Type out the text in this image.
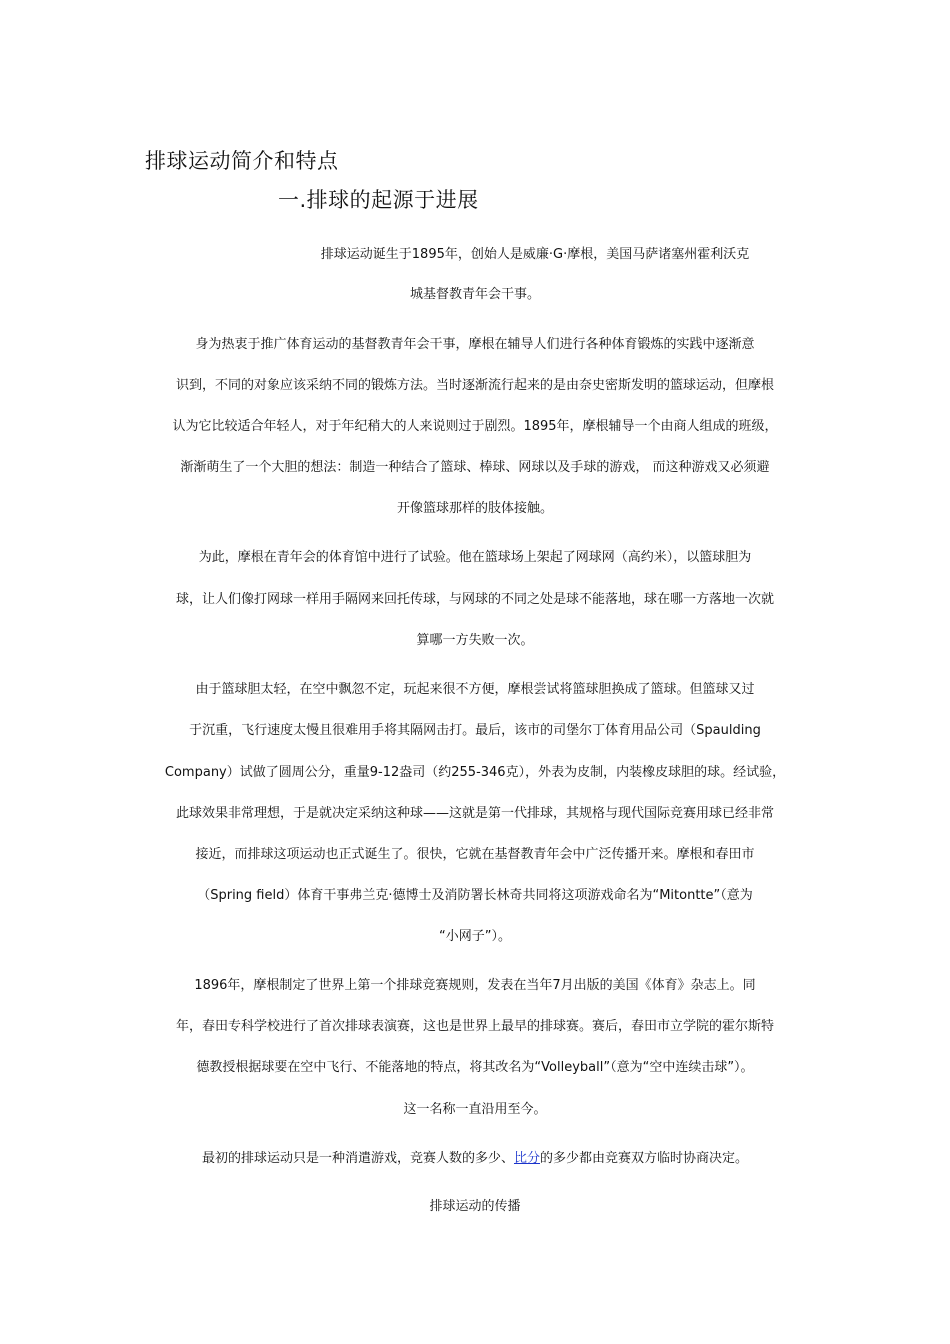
排球运动简介和特点
一.排球的起源于进展

排球运动诞生于1895年，创始人是威廉·G·摩根，美国马萨诸塞州霍利沃克

城基督教青年会干事。

身为热衷于推广体育运动的基督教青年会干事，摩根在辅导人们进行各种体育锻炼的实践中逐渐意

识到，不同的对象应该采纳不同的锻炼方法。当时逐渐流行起来的是由奈史密斯发明的篮球运动，但摩根

认为它比较适合年轻人，对于年纪稍大的人来说则过于剧烈。1895年，摩根辅导一个由商人组成的班级，

渐渐萌生了一个大胆的想法：制造一种结合了篮球、棒球、网球以及手球的游戏， 而这种游戏又必须避

开像篮球那样的肢体接触。

为此，摩根在青年会的体育馆中进行了试验。他在篮球场上架起了网球网（高约米），以篮球胆为

球，让人们像打网球一样用手隔网来回托传球，与网球的不同之处是球不能落地，球在哪一方落地一次就

算哪一方失败一次。

由于篮球胆太轻，在空中飘忽不定，玩起来很不方便，摩根尝试将篮球胆换成了篮球。但篮球又过

于沉重，飞行速度太慢且很难用手将其隔网击打。最后，该市的司堡尔丁体育用品公司（Spaulding

Company）试做了圆周公分，重量9-12盎司（约255-346克），外表为皮制，内装橡皮球胆的球。经试验，

此球效果非常理想，于是就决定采纳这种球——这就是第一代排球，其规格与现代国际竞赛用球已经非常

接近，而排球这项运动也正式诞生了。很快，它就在基督教青年会中广泛传播开来。摩根和春田市

（Spring field）体育干事弗兰克·德博士及消防署长林奇共同将这项游戏命名为“Mitontte”（意为

“小网子”）。

1896年，摩根制定了世界上第一个排球竞赛规则，发表在当年7月出版的美国《体育》杂志上。同

年，春田专科学校进行了首次排球表演赛，这也是世界上最早的排球赛。赛后，春田市立学院的霍尔斯特

德教授根据球要在空中飞行、不能落地的特点，将其改名为“Volleyball”（意为“空中连续击球”）。

这一名称一直沿用至今。

最初的排球运动只是一种消遣游戏，竞赛人数的多少、比分的多少都由竞赛双方临时协商决定。

排球运动的传播
